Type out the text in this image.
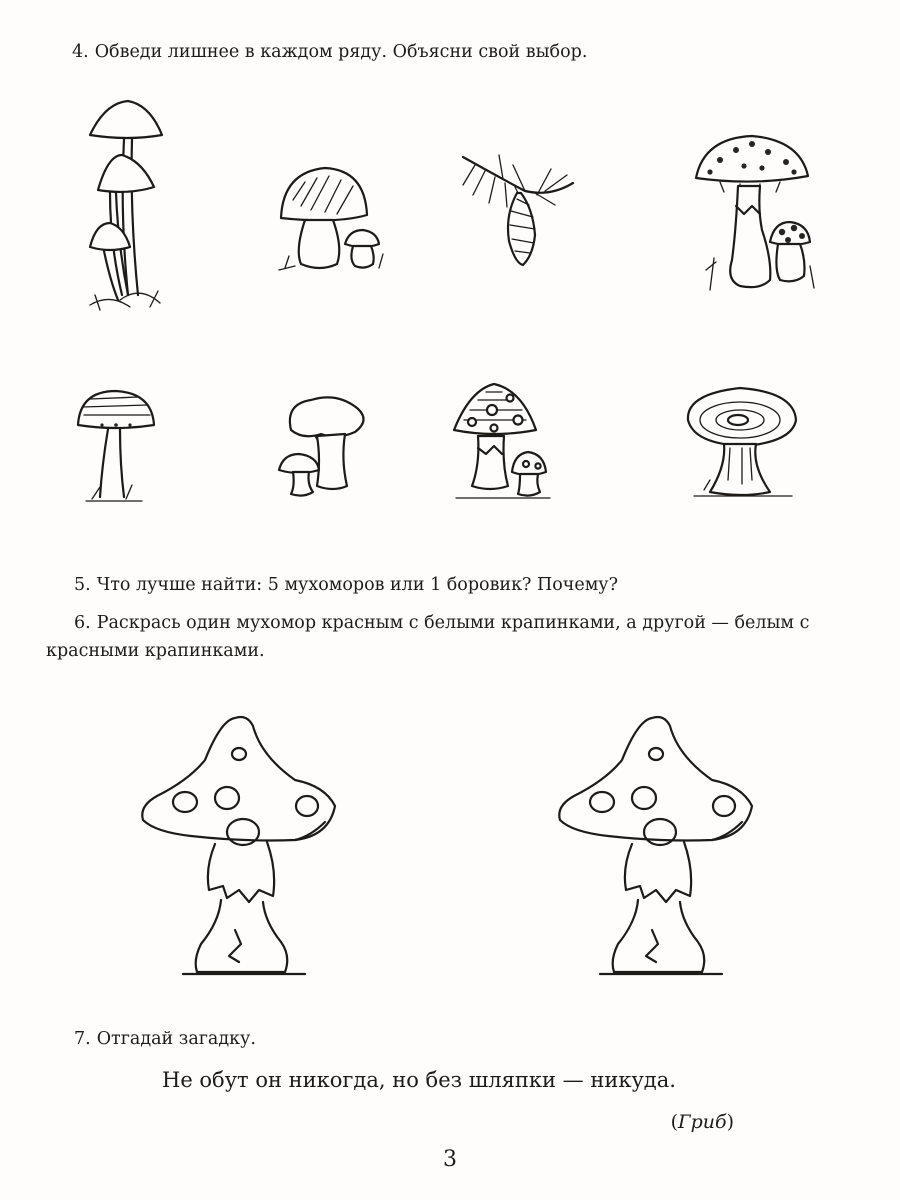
4. Обведи лишнее в каждом ряду. Объясни свой выбор.
5. Что лучше найти: 5 мухоморов или 1 боровик? Почему?
6. Раскрась один мухомор красным с белыми крапинками, а другой — белым с красными крапинками.
7. Отгадай загадку.
Не обут он никогда, но без шляпки — никуда.
(Гриб)
3
